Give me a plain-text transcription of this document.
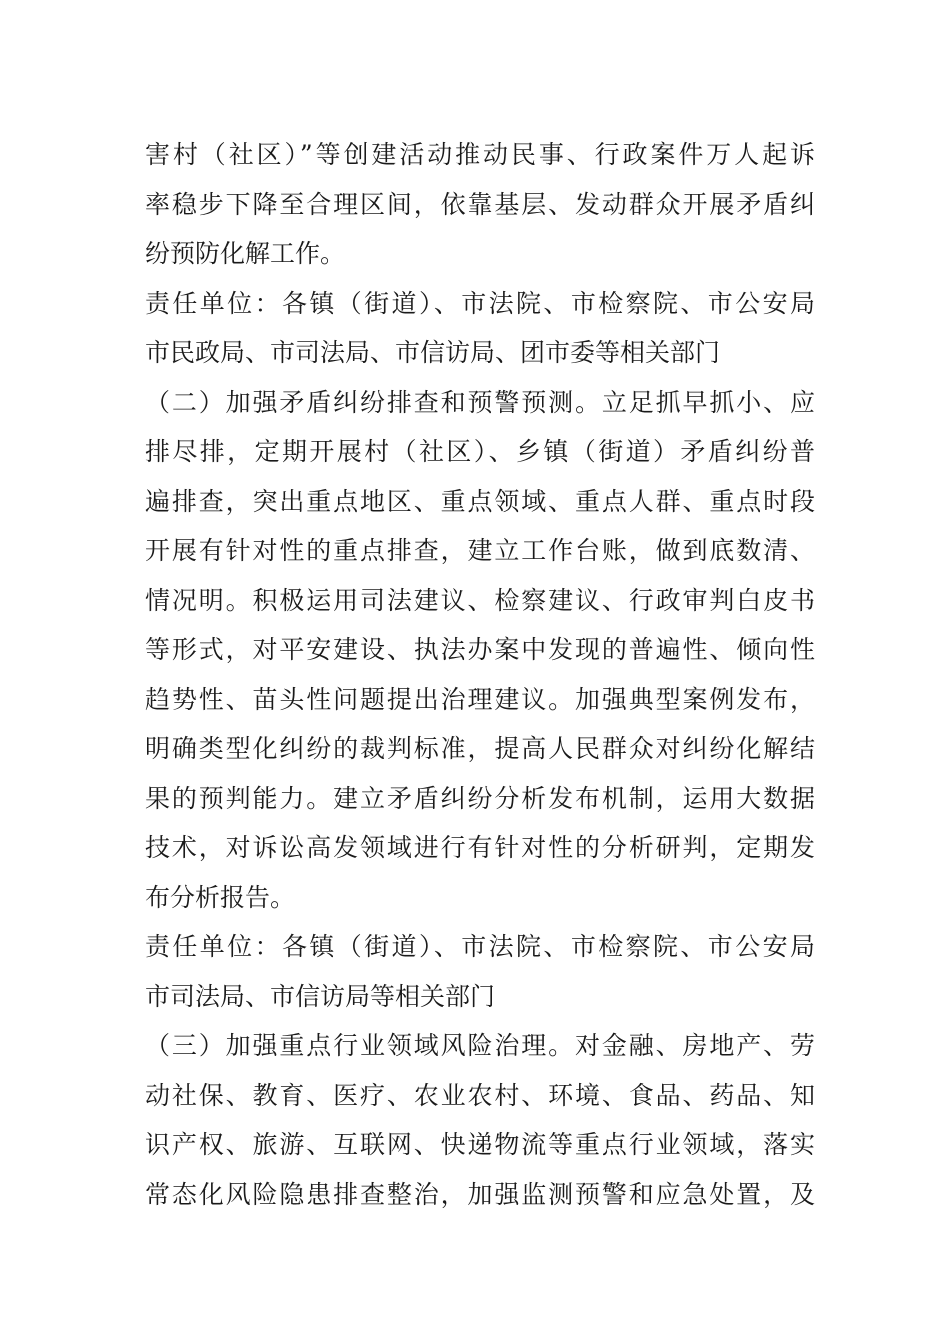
害村（社区）”等创建活动推动民事、行政案件万人起诉
率稳步下降至合理区间，依靠基层、发动群众开展矛盾纠
纷预防化解工作。
责任单位：各镇（街道）、市法院、市检察院、市公安局
市民政局、市司法局、市信访局、团市委等相关部门
（二）加强矛盾纠纷排查和预警预测。立足抓早抓小、应
排尽排，定期开展村（社区）、乡镇（街道）矛盾纠纷普
遍排查，突出重点地区、重点领域、重点人群、重点时段
开展有针对性的重点排查，建立工作台账，做到底数清、
情况明。积极运用司法建议、检察建议、行政审判白皮书
等形式，对平安建设、执法办案中发现的普遍性、倾向性
趋势性、苗头性问题提出治理建议。加强典型案例发布，
明确类型化纠纷的裁判标准，提高人民群众对纠纷化解结
果的预判能力。建立矛盾纠纷分析发布机制，运用大数据
技术，对诉讼高发领域进行有针对性的分析研判，定期发
布分析报告。
责任单位：各镇（街道）、市法院、市检察院、市公安局
市司法局、市信访局等相关部门
（三）加强重点行业领域风险治理。对金融、房地产、劳
动社保、教育、医疗、农业农村、环境、食品、药品、知
识产权、旅游、互联网、快递物流等重点行业领域，落实
常态化风险隐患排查整治，加强监测预警和应急处置，及
